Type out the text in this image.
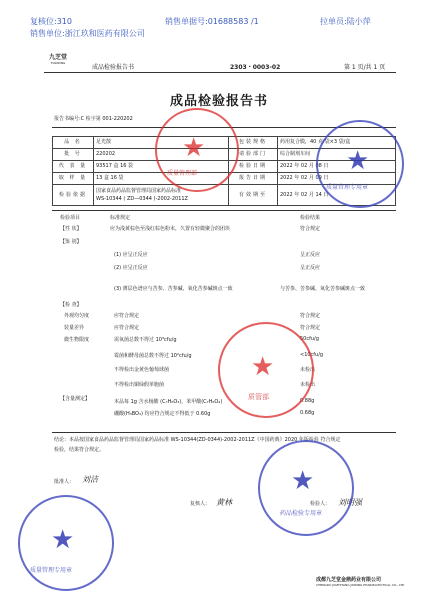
复核位:310	销售单据号:01688583 /1	拉单员:陆小萍
销售单位:浙江玖和医药有限公司
九芝堂
TIANDING
成品检验报告书	2303・0003-02	第 1 页/共 1 页
成品检验报告书
报告书编号:C 检字第 001-220202
品 名	足光散	包装规格	药用复合膜，40 克/袋×3 袋/盒
批 号	220202	请验部门	综合制剂车间
代 表 量	93517 盒 16 袋	检验日期	2022 年 02 月 08 日
取 样 量	13 盒 16 袋	报告日期	2022 年 02 月 09 日
检验依据	国家食品药品监督管理局国家药品标准
WS-10344 ( ZD—0344 )-2002-2011Z	有效期至	2022 年 02 月 14 日
检验项目	标准规定	检验结果
【性 状】	应为浅黄棕色至浅红棕色粉末，久置有轻微聚合的团块	符合规定
【鉴 别】
(1) 应呈正反应	呈正反应
(2) 应呈正反应	呈正反应
(3) 薄层色谱应与苦参、苦参碱、氧化苦参碱斑点一致	与苦参、苦参碱、氧化苦参碱斑点一致
【检 查】
外观均匀度	应符合规定	符合规定
装量差异	应符合规定	符合规定
微生物限度	需氧菌总数不得过 10³cfu/g	50cfu/g
霉菌和酵母菌总数不得过 10²cfu/g	<10cfu/g
不得检出金黄色葡萄球菌	未检出
不得检出铜绿假单胞菌	未检出
【含量测定】	本品每 1g 含水杨酸 (C₇H₆O₃)，苯甲酸(C₇H₆O₂)	0.88g
硼酸(H₃BO₃) 均应符合规定不得低于 0.60g	0.68g
结论：本品按国家食品药品监督管理局国家药品标准 WS-10344(ZD-0344)-2002-2011Z《中国药典》2020 年版检验 符合规定
检验，结果符合规定。
批准人： 刘洁
复核人： 黄林	检验人： 刘明强
成都九芝堂金鼎药业有限公司
CHENGDU JIUZHITANG JINDING PHARMACEUTICAL CO., LTD
★
质量管理部	★
质量管理专用章
★
质管部
★
药品检验专用章
★
质量管理专用章
